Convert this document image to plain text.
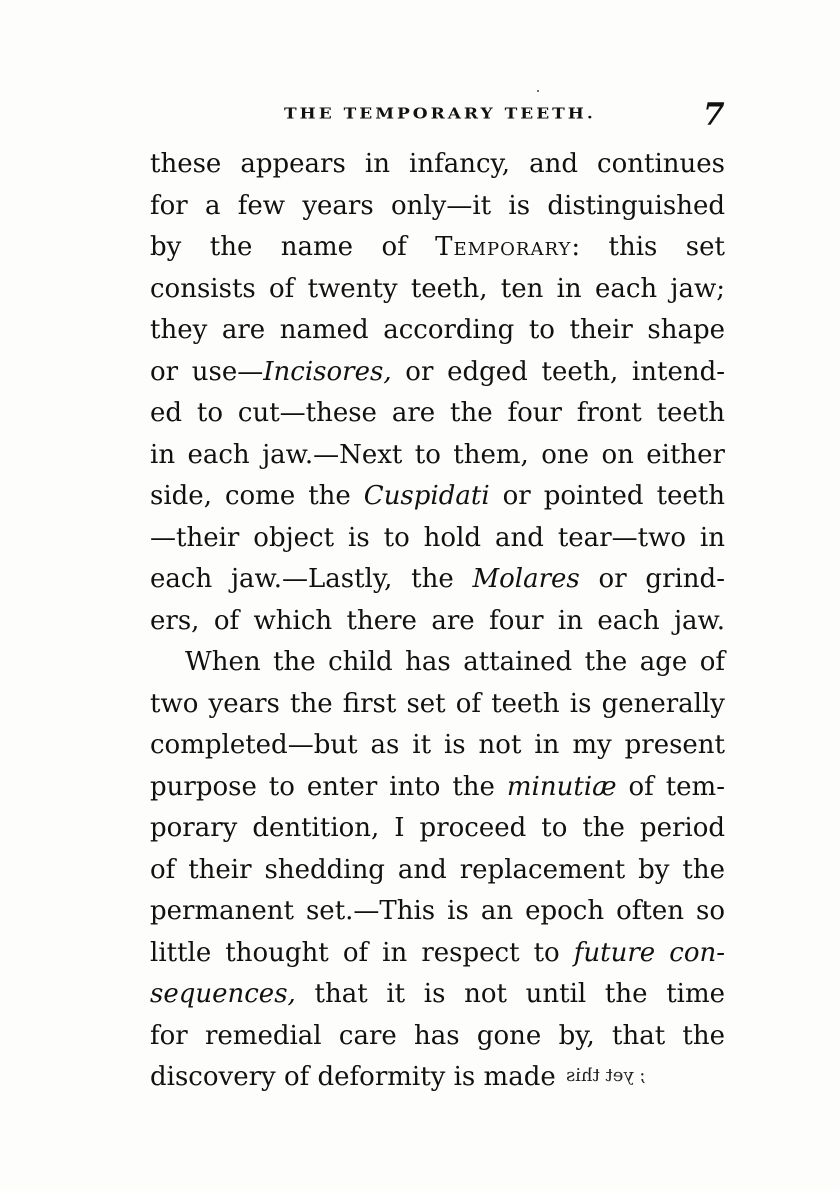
THE TEMPORARY TEETH.	7
these appears in infancy, and continues
for a few years only—it is distinguished
by the name of Temporary: this set
consists of twenty teeth, ten in each jaw;
they are named according to their shape
or use—Incisores, or edged teeth, intend-
ed to cut—these are the four front teeth
in each jaw.—Next to them, one on either
side, come the Cuspidati or pointed teeth
—their object is to hold and tear—two in
each jaw.—Lastly, the Molares or grind-
ers, of which there are four in each jaw.
When the child has attained the age of
two years the first set of teeth is generally
completed—but as it is not in my present
purpose to enter into the minutiæ of tem-
porary dentition, I proceed to the period
of their shedding and replacement by the
permanent set.—This is an epoch often so
little thought of in respect to future con-
sequences, that it is not until the time
for remedial care has gone by, that the
discovery of deformity is made ; yet this
